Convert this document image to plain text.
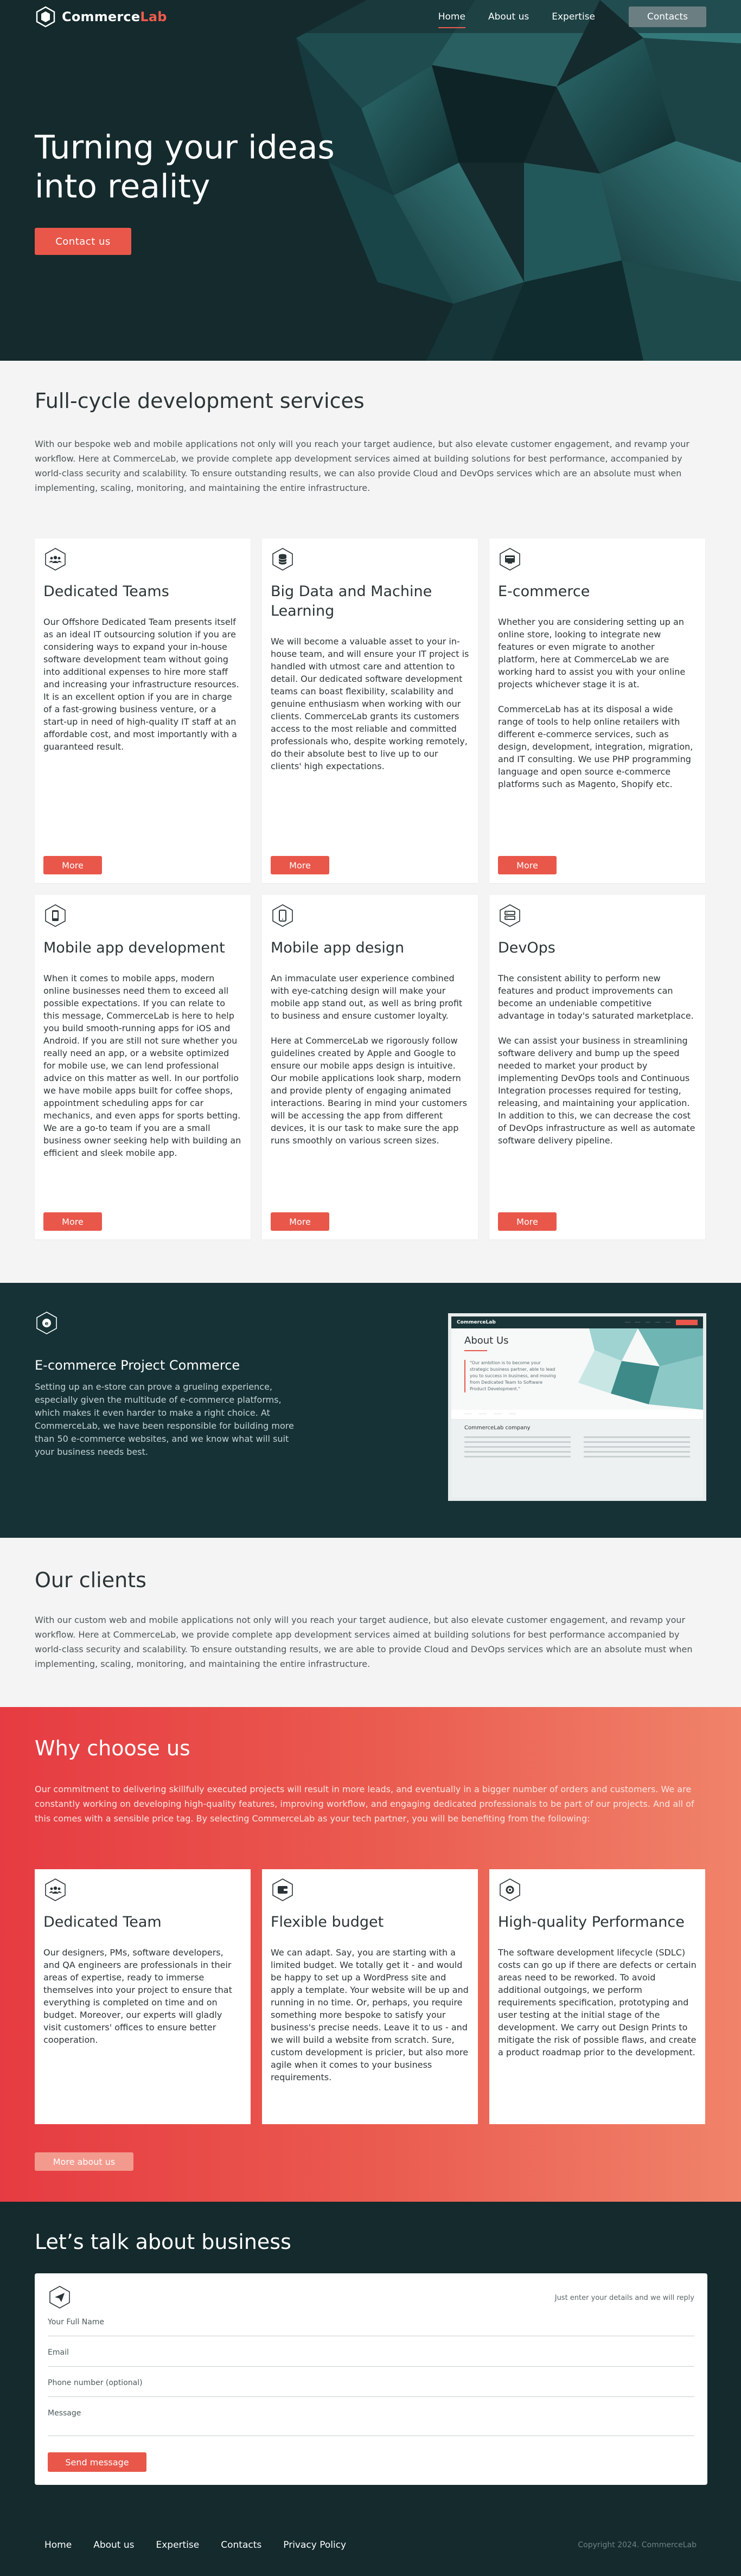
CommerceLab	Home About us Expertise	Contacts
Turning your ideas
into reality
Contact us
Full-cycle development services

With our bespoke web and mobile applications not only will you reach your target audience, but also elevate customer engagement, and revamp your workflow. Here at CommerceLab, we provide complete app development services aimed at building solutions for best performance, accompanied by world-class security and scalability. To ensure outstanding results, we can also provide Cloud and DevOps services which are an absolute must when implementing, scaling, monitoring, and maintaining the entire infrastructure.

Dedicated Teams

Our Offshore Dedicated Team presents itself as an ideal IT outsourcing solution if you are considering ways to expand your in-house software development team without going into additional expenses to hire more staff and increasing your infrastructure resources. It is an excellent option if you are in charge of a fast-growing business venture, or a start-up in need of high-quality IT staff at an affordable cost, and most importantly with a guaranteed result.

More
Big Data and Machine Learning

We will become a valuable asset to your in-house team, and will ensure your IT project is handled with utmost care and attention to detail. Our dedicated software development teams can boast flexibility, scalability and genuine enthusiasm when working with our clients. CommerceLab grants its customers access to the most reliable and committed professionals who, despite working remotely, do their absolute best to live up to our clients' high expectations.

More
E-commerce

Whether you are considering setting up an online store, looking to integrate new features or even migrate to another platform, here at CommerceLab we are working hard to assist you with your online projects whichever stage it is at.

CommerceLab has at its disposal a wide range of tools to help online retailers with different e-commerce services, such as design, development, integration, migration, and IT consulting. We use PHP programming language and open source e-commerce platforms such as Magento, Shopify etc.

More
Mobile app development

When it comes to mobile apps, modern online businesses need them to exceed all possible expectations. If you can relate to this message, CommerceLab is here to help you build smooth-running apps for iOS and Android. If you are still not sure whether you really need an app, or a website optimized for mobile use, we can lend professional advice on this matter as well. In our portfolio we have mobile apps built for coffee shops, appointment scheduling apps for car mechanics, and even apps for sports betting. We are a go-to team if you are a small business owner seeking help with building an efficient and sleek mobile app.

More
Mobile app design

An immaculate user experience combined with eye-catching design will make your mobile app stand out, as well as bring profit to business and ensure customer loyalty.

Here at CommerceLab we rigorously follow guidelines created by Apple and Google to ensure our mobile apps design is intuitive. Our mobile applications look sharp, modern and provide plenty of engaging animated interactions. Bearing in mind your customers will be accessing the app from different devices, it is our task to make sure the app runs smoothly on various screen sizes.

More
DevOps

The consistent ability to perform new features and product improvements can become an undeniable competitive advantage in today's saturated marketplace.

We can assist your business in streamlining software delivery and bump up the speed needed to market your product by implementing DevOps tools and Continuous Integration processes required for testing, releasing, and maintaining your application. In addition to this, we can decrease the cost of DevOps infrastructure as well as automate software delivery pipeline.

More
e
E-commerce Project Commerce

Setting up an e-store can prove a grueling experience, especially given the multitude of e-commerce platforms, which makes it even harder to make a right choice. At CommerceLab, we have been responsible for building more than 50 e-commerce websites, and we know what will suit your business needs best.

CommerceLab	····· ····· ····· ····· ·····
About Us

"Our ambition is to become your strategic business partner, able to lead you to success in business, and moving from Dedicated Team to Software Product Development."

······· ······· ······· ·······
CommerceLab company
Our clients

With our custom web and mobile applications not only will you reach your target audience, but also elevate customer engagement, and revamp your workflow. Here at CommerceLab, we provide complete app development services aimed at building solutions for best performance accompanied by world-class security and scalability. To ensure outstanding results, we are able to provide Cloud and DevOps services which are an absolute must when implementing, scaling, monitoring, and maintaining the entire infrastructure.

Why choose us

Our commitment to delivering skillfully executed projects will result in more leads, and eventually in a bigger number of orders and customers. We are constantly working on developing high-quality features, improving workflow, and engaging dedicated professionals to be part of our projects. And all of this comes with a sensible price tag. By selecting CommerceLab as your tech partner, you will be benefiting from the following:

Dedicated Team

Our designers, PMs, software developers, and QA engineers are professionals in their areas of expertise, ready to immerse themselves into your project to ensure that everything is completed on time and on budget. Moreover, our experts will gladly visit customers' offices to ensure better cooperation.

Flexible budget

We can adapt. Say, you are starting with a limited budget. We totally get it - and would be happy to set up a WordPress site and apply a template. Your website will be up and running in no time. Or, perhaps, you require something more bespoke to satisfy your business's precise needs. Leave it to us - and we will build a website from scratch. Sure, custom development is pricier, but also more agile when it comes to your business requirements.

High-quality Performance

The software development lifecycle (SDLC) costs can go up if there are defects or certain areas need to be reworked. To avoid additional outgoings, we perform requirements specification, prototyping and user testing at the initial stage of the development. We carry out Design Prints to mitigate the risk of possible flaws, and create a product roadmap prior to the development.

More about us
Let’s talk about business
Just enter your details and we will reply
Your Full Name
Email
Phone number (optional)
Message
Send message
Home About us Expertise Contacts Privacy Policy	Copyright 2024. CommerceLab
